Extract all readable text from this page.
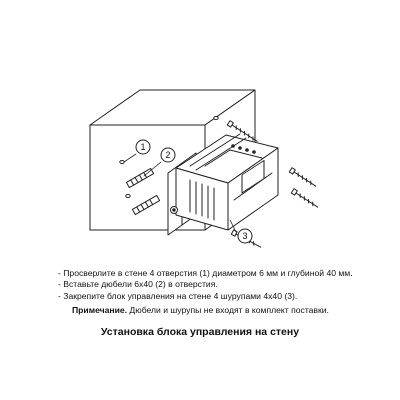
1
2
3
- Просверлите в стене 4 отверстия (1) диаметром 6 мм и глубиной 40 мм.
- Вставьте дюбели 6x40 (2) в отверстия.
- Закрепите блок управления на стене 4 шурупами 4x40 (3).
Примечание. Дюбели и шурупы не входят в комплект поставки.
Установка блока управления на стену
